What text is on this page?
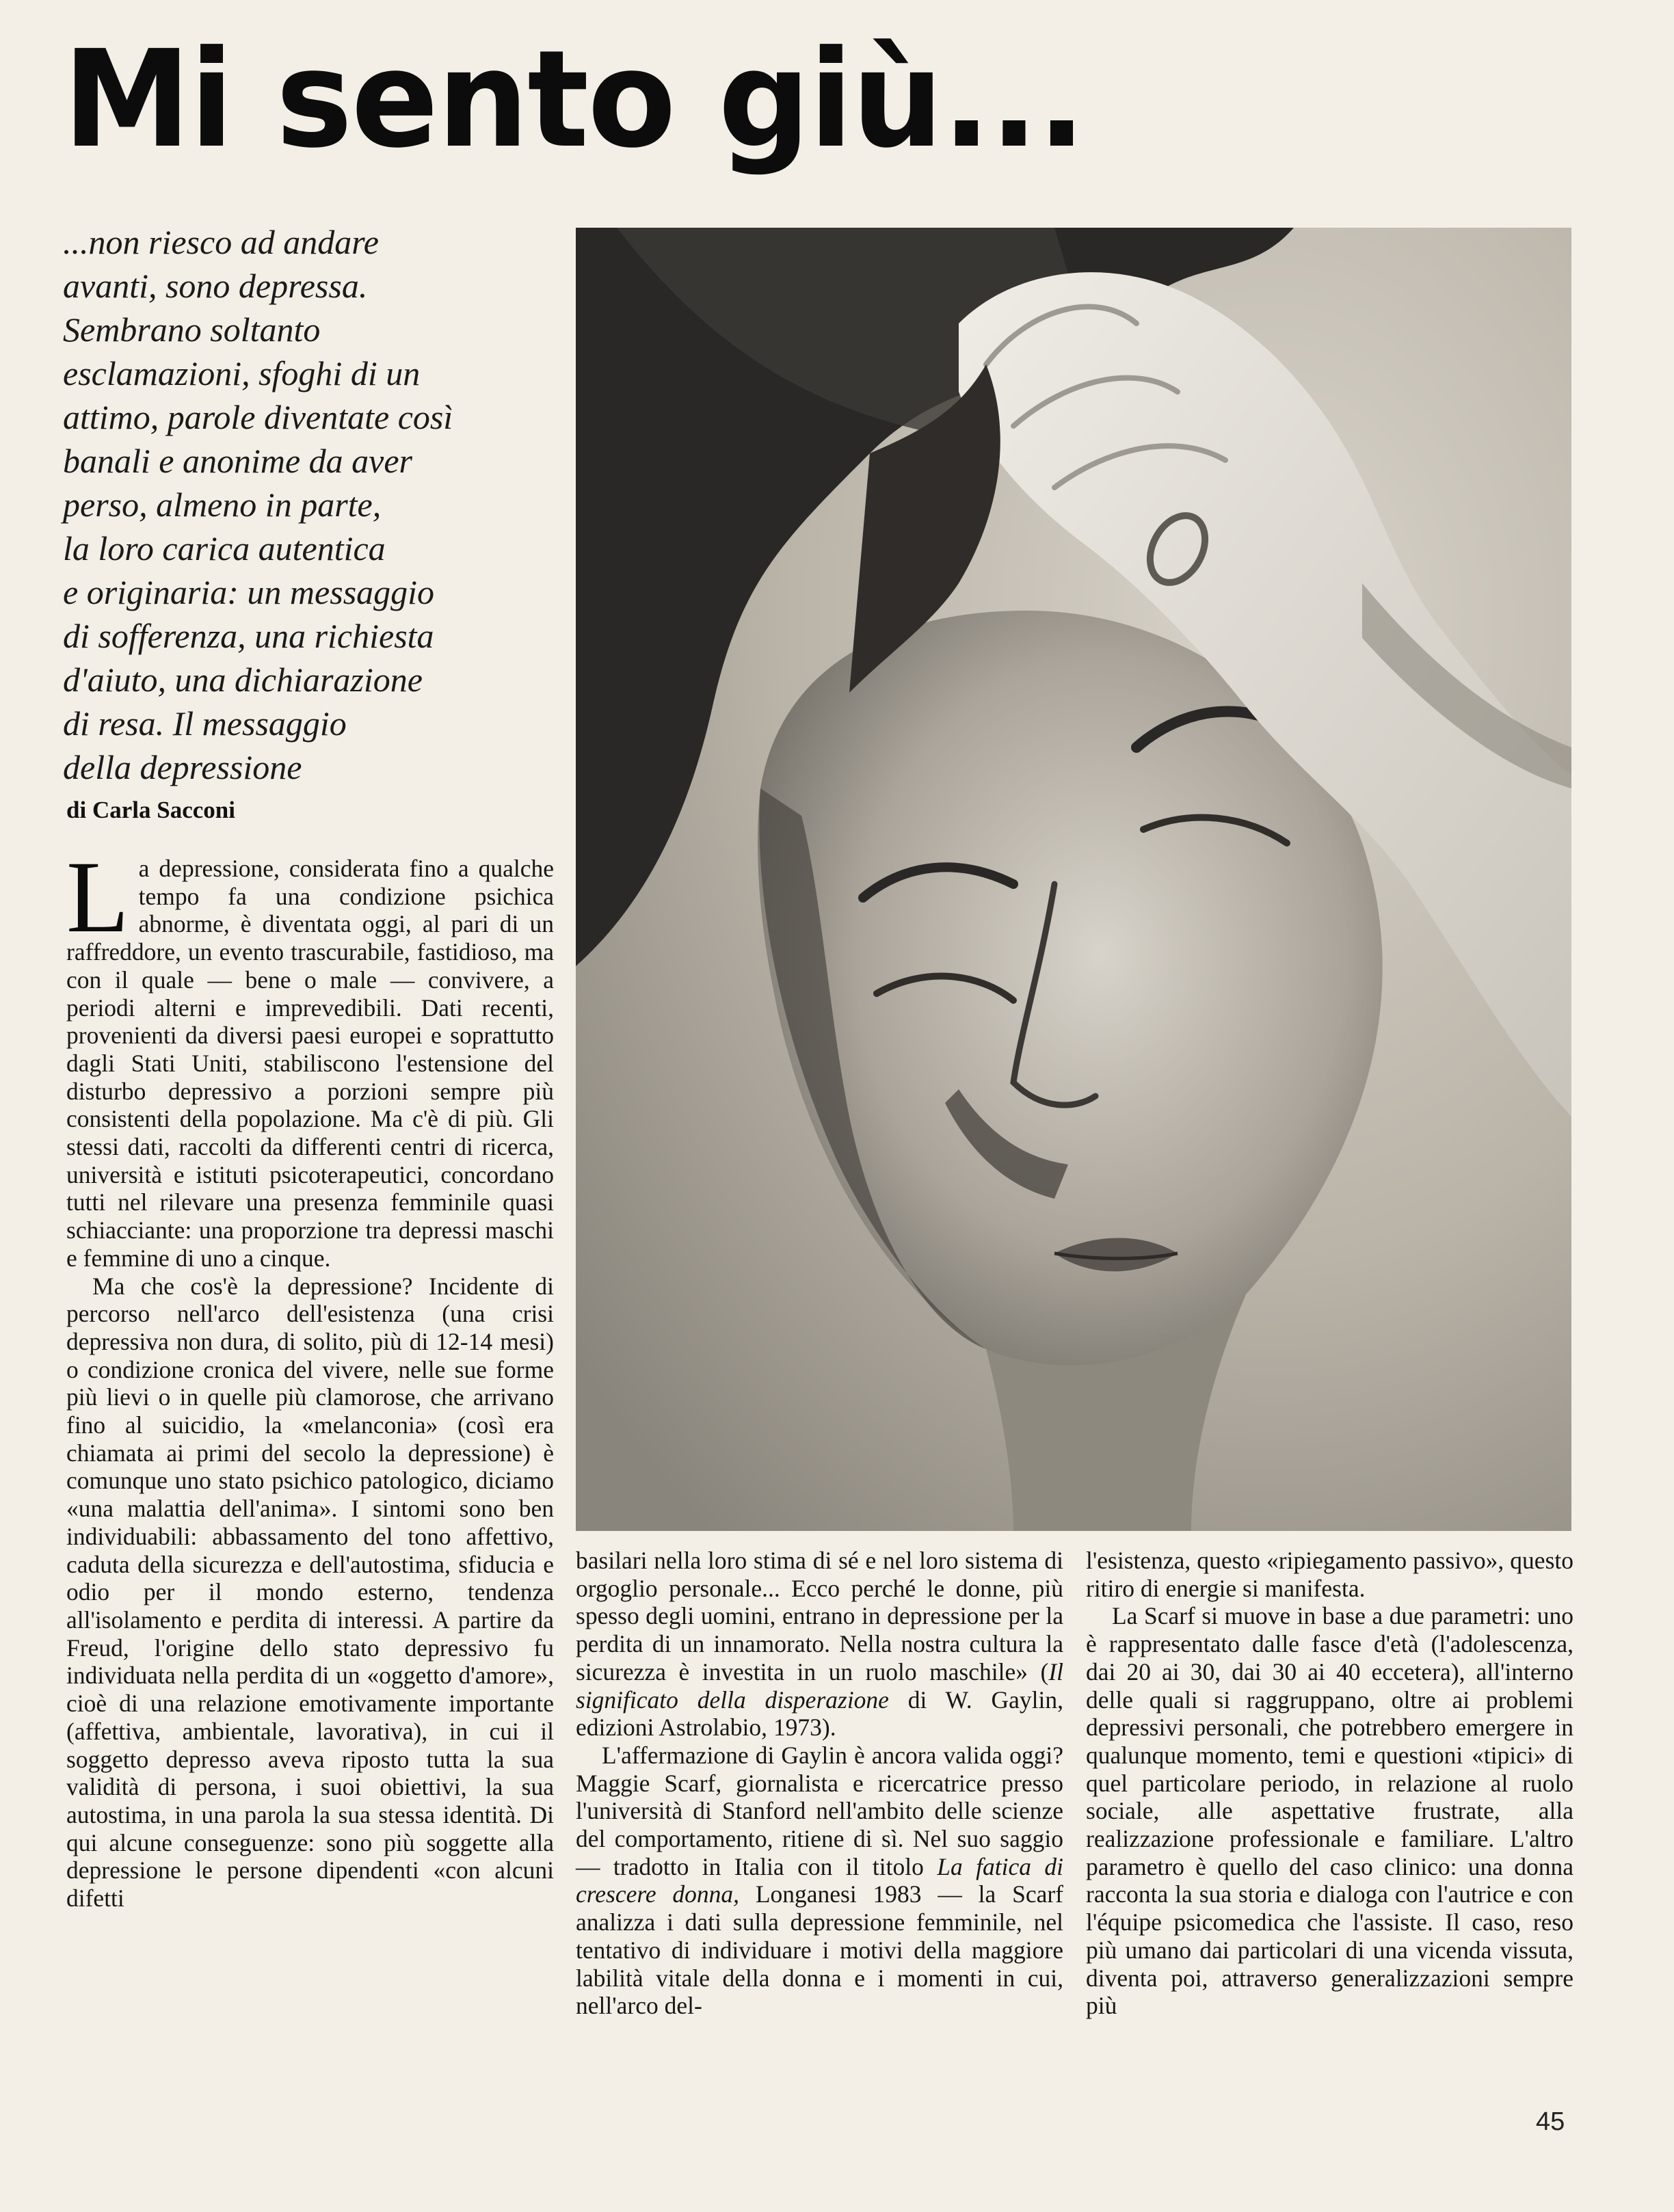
Mi sento giù...
...non riesco ad andare
avanti, sono depressa.
Sembrano soltanto
esclamazioni, sfoghi di un
attimo, parole diventate così
banali e anonime da aver
perso, almeno in parte,
la loro carica autentica
e originaria: un messaggio
di sofferenza, una richiesta
d'aiuto, una dichiarazione
di resa. Il messaggio
della depressione
di Carla Sacconi

La depressione, considerata fino a qualche tempo fa una condizione psichica abnorme, è diventata oggi, al pari di un raffreddore, un evento trascurabile, fastidioso, ma con il quale — bene o male — convivere, a periodi alterni e imprevedibili. Dati recenti, provenienti da diversi paesi europei e soprattutto dagli Stati Uniti, stabiliscono l'estensione del disturbo depressivo a porzioni sempre più consistenti della popolazione. Ma c'è di più. Gli stessi dati, raccolti da differenti centri di ricerca, università e istituti psicoterapeutici, concordano tutti nel rilevare una presenza femminile quasi schiacciante: una proporzione tra depressi maschi e femmine di uno a cinque.

Ma che cos'è la depressione? Incidente di percorso nell'arco dell'esistenza (una crisi depressiva non dura, di solito, più di 12-14 mesi) o condizione cronica del vivere, nelle sue forme più lievi o in quelle più clamorose, che arrivano fino al suicidio, la «melanconia» (così era chiamata ai primi del secolo la depressione) è comunque uno stato psichico patologico, diciamo «una malattia dell'anima». I sintomi sono ben individuabili: abbassamento del tono affettivo, caduta della sicurezza e dell'autostima, sfiducia e odio per il mondo esterno, tendenza all'isolamento e perdita di interessi. A partire da Freud, l'origine dello stato depressivo fu individuata nella perdita di un «oggetto d'amore», cioè di una relazione emotivamente importante (affettiva, ambientale, lavorativa), in cui il soggetto depresso aveva riposto tutta la sua validità di persona, i suoi obiettivi, la sua autostima, in una parola la sua stessa identità. Di qui alcune conseguenze: sono più soggette alla depressione le persone dipendenti «con alcuni difetti

basilari nella loro stima di sé e nel loro sistema di orgoglio personale... Ecco perché le donne, più spesso degli uomini, entrano in depressione per la perdita di un innamorato. Nella nostra cultura la sicurezza è investita in un ruolo maschile» (Il significato della disperazione di W. Gaylin, edizioni Astrolabio, 1973).

L'affermazione di Gaylin è ancora valida oggi? Maggie Scarf, giornalista e ricercatrice presso l'università di Stanford nell'ambito delle scienze del comportamento, ritiene di sì. Nel suo saggio — tradotto in Italia con il titolo La fatica di crescere donna, Longanesi 1983 — la Scarf analizza i dati sulla depressione femminile, nel tentativo di individuare i motivi della maggiore labilità vitale della donna e i momenti in cui, nell'arco del-

l'esistenza, questo «ripiegamento passivo», questo ritiro di energie si manifesta.

La Scarf si muove in base a due parametri: uno è rappresentato dalle fasce d'età (l'adolescenza, dai 20 ai 30, dai 30 ai 40 eccetera), all'interno delle quali si raggruppano, oltre ai problemi depressivi personali, che potrebbero emergere in qualunque momento, temi e questioni «tipici» di quel particolare periodo, in relazione al ruolo sociale, alle aspettative frustrate, alla realizzazione professionale e familiare. L'altro parametro è quello del caso clinico: una donna racconta la sua storia e dialoga con l'autrice e con l'équipe psicomedica che l'assiste. Il caso, reso più umano dai particolari di una vicenda vissuta, diventa poi, attraverso generalizzazioni sempre più

45
